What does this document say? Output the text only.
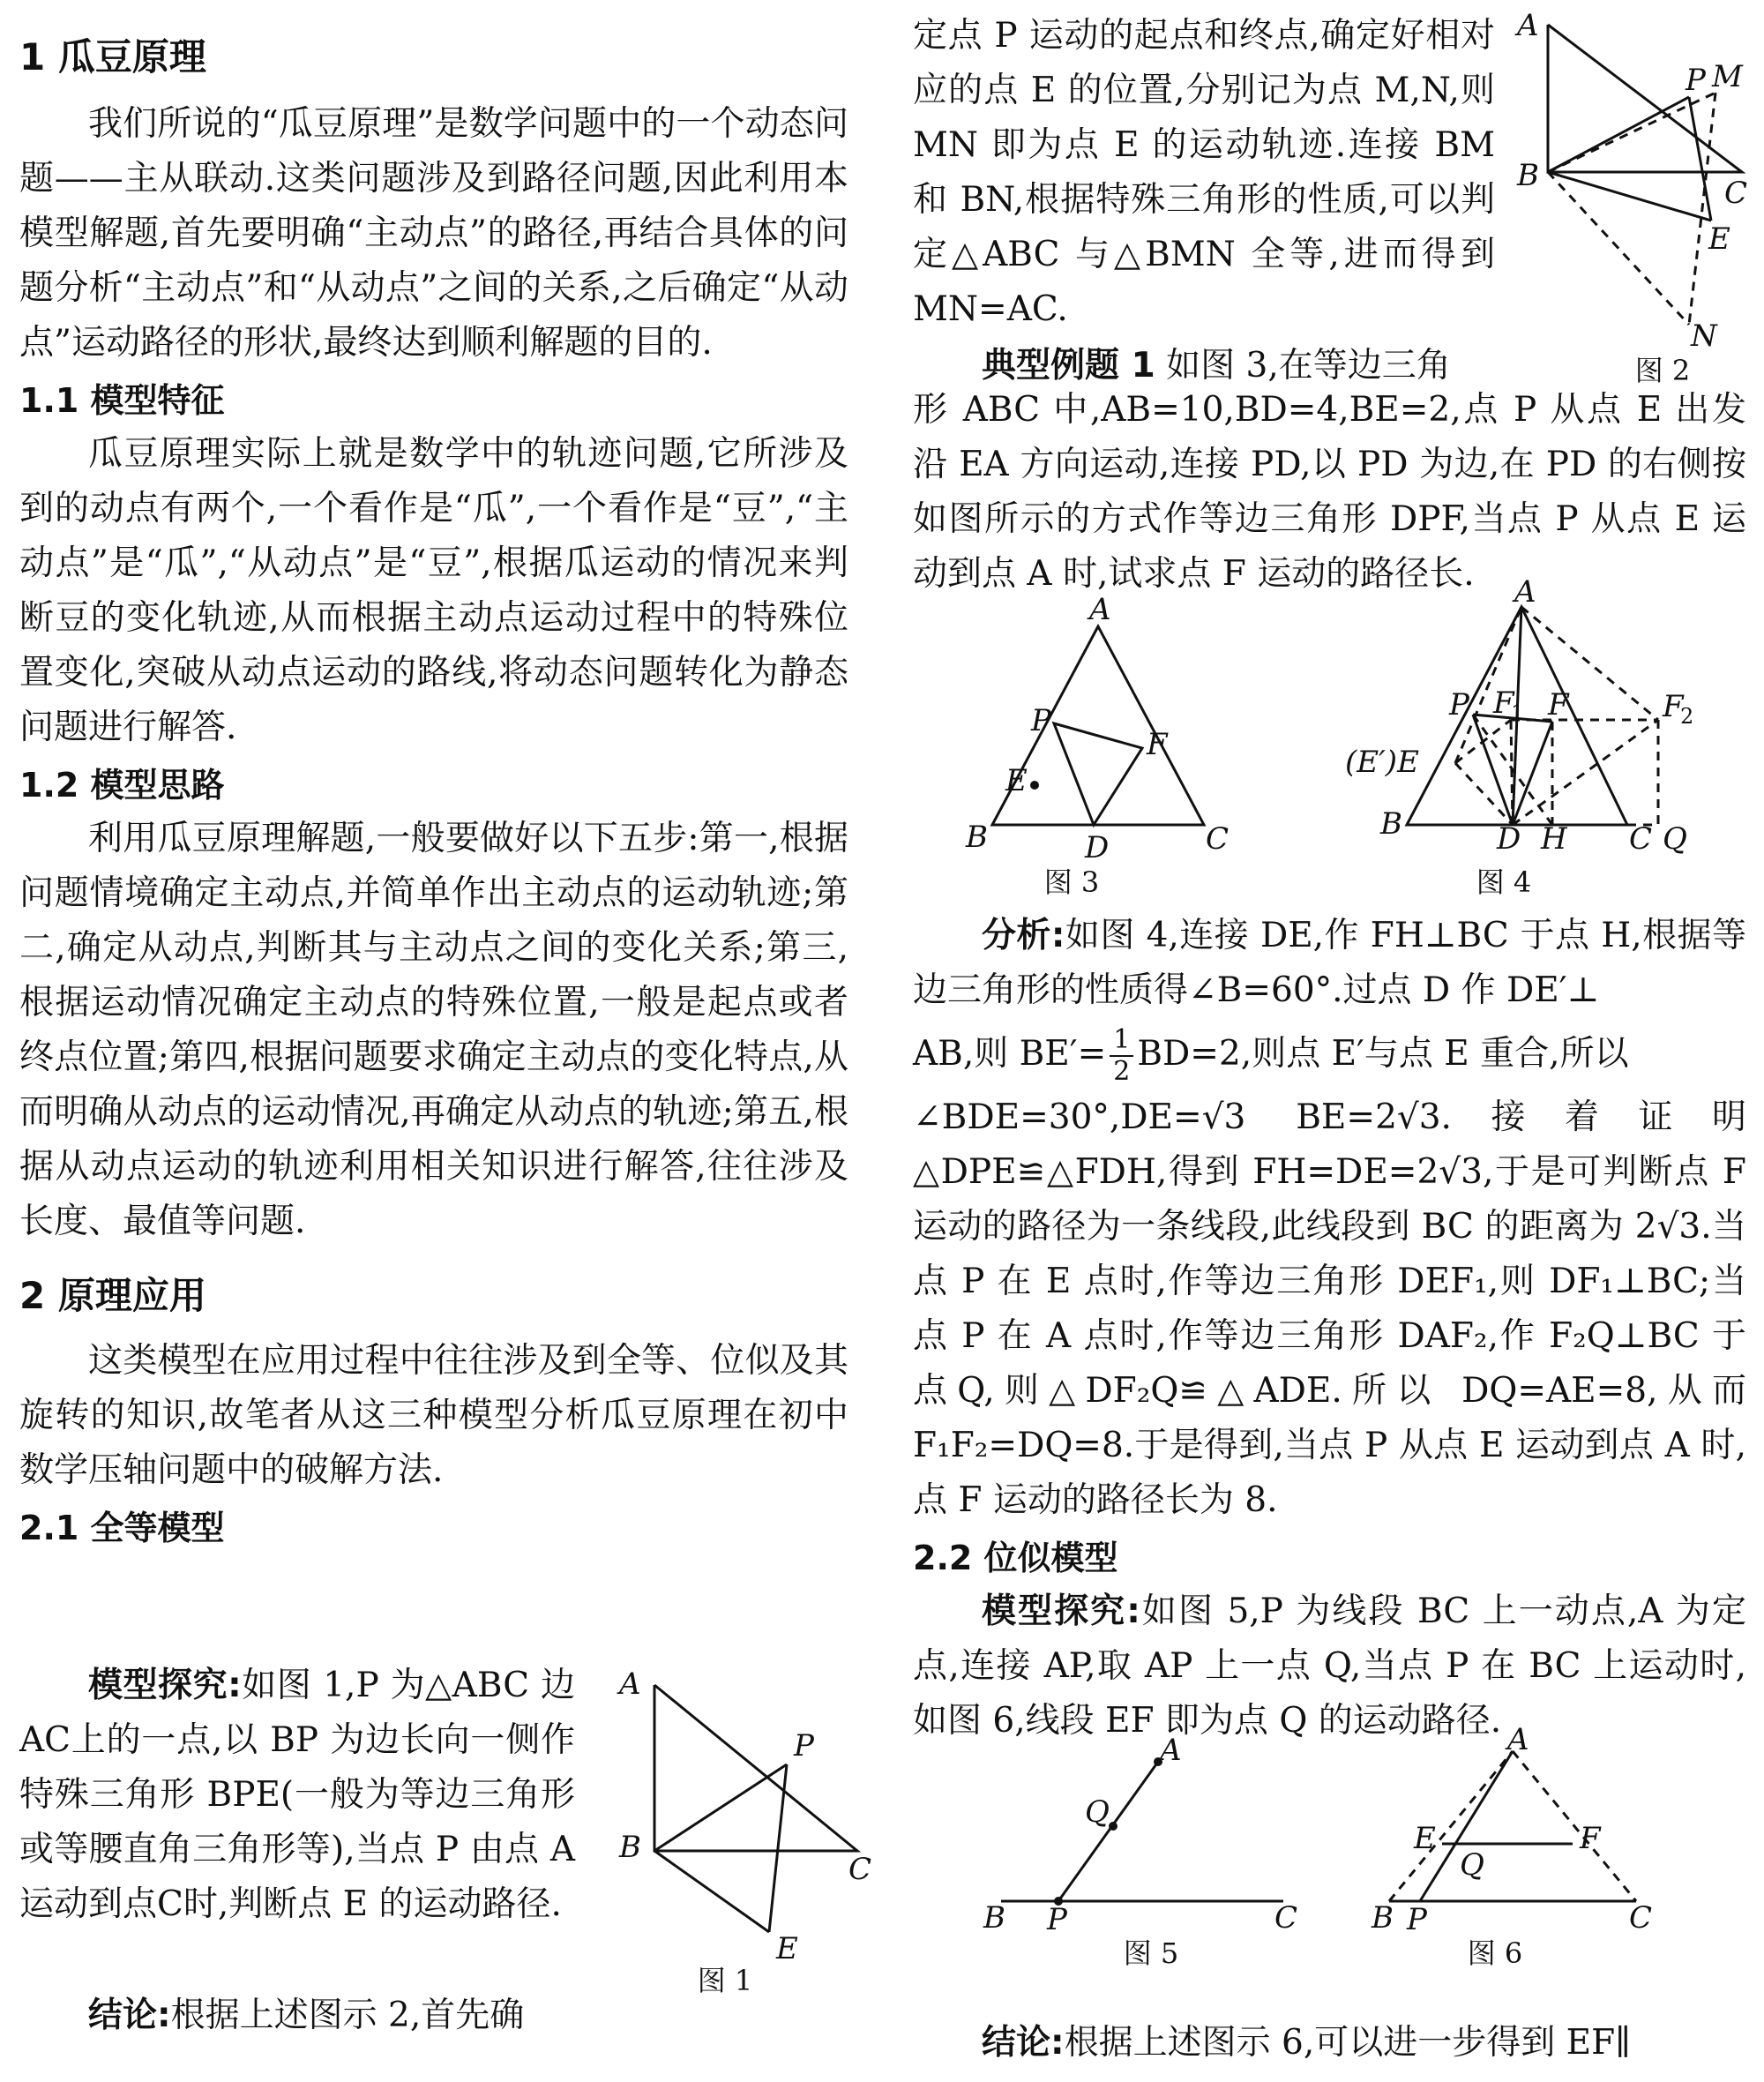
1 瓜豆原理

我们所说的“瓜豆原理”是数学问题中的一个动态问题——主从联动.这类问题涉及到路径问题,因此利用本模型解题,首先要明确“主动点”的路径,再结合具体的问题分析“主动点”和“从动点”之间的关系,之后确定“从动点”运动路径的形状,最终达到顺利解题的目的.

1.1 模型特征

瓜豆原理实际上就是数学中的轨迹问题,它所涉及到的动点有两个,一个看作是“瓜”,一个看作是“豆”,“主动点”是“瓜”,“从动点”是“豆”,根据瓜运动的情况来判断豆的变化轨迹,从而根据主动点运动过程中的特殊位置变化,突破从动点运动的路线,将动态问题转化为静态问题进行解答.

1.2 模型思路

利用瓜豆原理解题,一般要做好以下五步:第一,根据问题情境确定主动点,并简单作出主动点的运动轨迹;第二,确定从动点,判断其与主动点之间的变化关系;第三,根据运动情况确定主动点的特殊位置,一般是起点或者终点位置;第四,根据问题要求确定主动点的变化特点,从而明确从动点的运动情况,再确定从动点的轨迹;第五,根据从动点运动的轨迹利用相关知识进行解答,往往涉及长度、最值等问题.

2 原理应用

这类模型在应用过程中往往涉及到全等、位似及其旋转的知识,故笔者从这三种模型分析瓜豆原理在初中数学压轴问题中的破解方法.

2.1 全等模型

模型探究:如图 1,P 为△ABC 边AC上的一点,以 BP 为边长向一侧作特殊三角形 BPE(一般为等边三角形或等腰直角三角形等),当点 P 由点 A 运动到点C时,判断点 E 的运动路径.

结论:根据上述图示 2,首先确

A
B
C
P
E
图 1

定点 P 运动的起点和终点,确定好相对应的点 E 的位置,分别记为点 M,N,则 MN 即为点 E 的运动轨迹.连接 BM 和 BN,根据特殊三角形的性质,可以判定△ABC 与△BMN 全等,进而得到 MN=AC.

典型例题 1 如图 3,在等边三角

A
B	C
P M
E
N
图 2

形 ABC 中,AB=10,BD=4,BE=2,点 P 从点 E 出发沿 EA 方向运动,连接 PD,以 PD 为边,在 PD 的右侧按如图所示的方式作等边三角形 DPF,当点 P 从点 E 运动到点 A 时,试求点 F 运动的路径长.

A
B	C
P
E
D
F
图 3
A
B	C
P
(E′)E
D H	Q
F
F
1	F
2
图 4

分析:如图 4,连接 DE,作 FH⊥BC 于点 H,根据等边三角形的性质得∠B=60°.过点 D 作 DE′⊥

AB,则 $BE'= \frac{1}{2} BD=2$,则点 E′与点 E 重合,所以

∠BDE=30°,DE=√3 BE=2√3.接着证明△DPE≌△FDH,得到 FH=DE=2√3,于是可判断点 F 运动的路径为一条线段,此线段到 BC 的距离为 2√3.当点 P 在 E 点时,作等边三角形 DEF₁,则 DF₁⊥BC;当点 P 在 A 点时,作等边三角形 DAF₂,作 F₂Q⊥BC 于点Q,则△DF₂Q≌△ADE.所以 DQ=AE=8,从而 F₁F₂=DQ=8.于是得到,当点 P 从点 E 运动到点 A 时,点 F 运动的路径长为 8.

2.2 位似模型

模型探究:如图 5,P 为线段 BC 上一动点,A 为定点,连接 AP,取 AP 上一点 Q,当点 P 在 BC 上运动时,如图 6,线段 EF 即为点 Q 的运动路径.

A
Q
B P	C
图 5
A
E
Q
F
B P	C
图 6

结论:根据上述图示 6,可以进一步得到 EF∥
